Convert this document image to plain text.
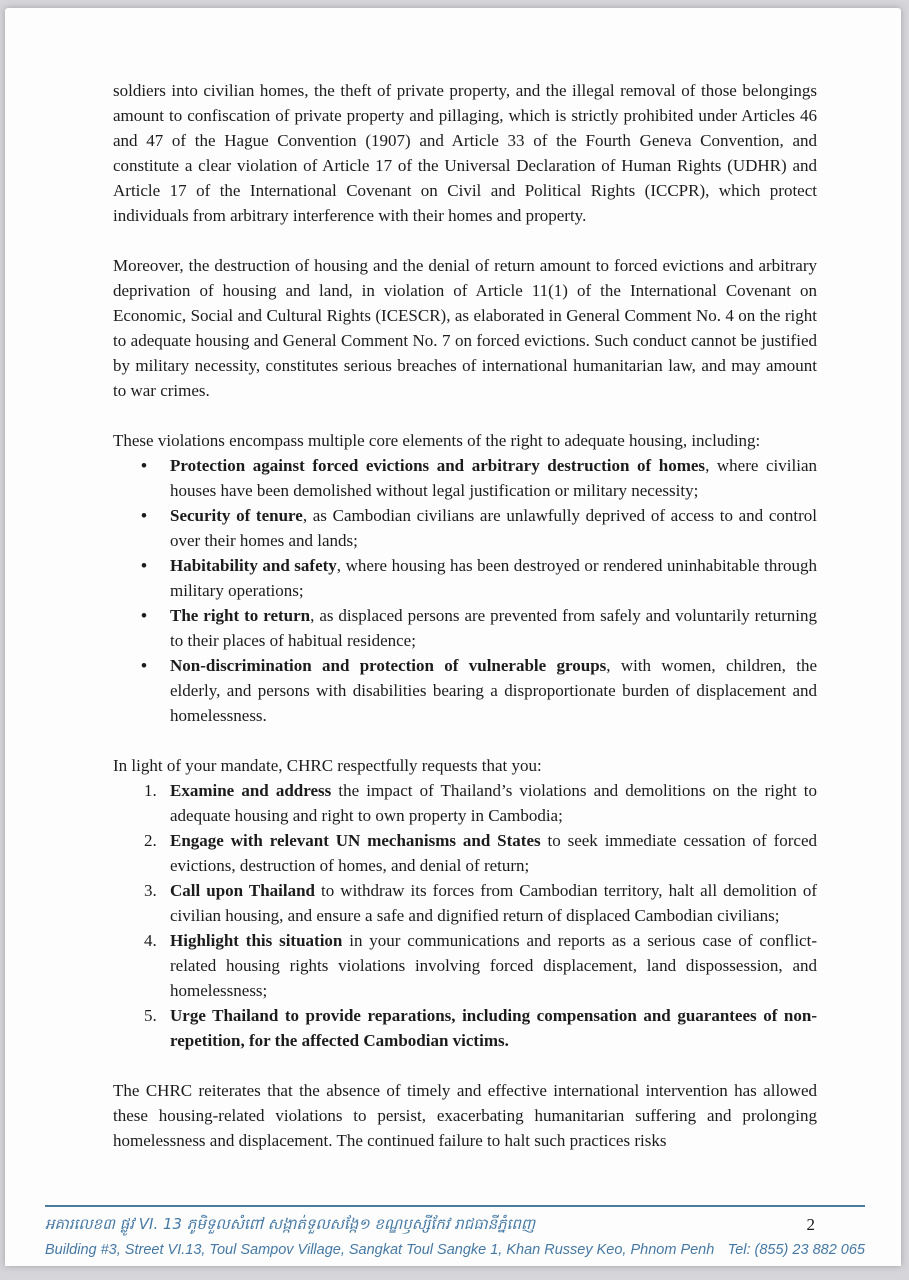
soldiers into civilian homes, the theft of private property, and the illegal removal of those belongings amount to confiscation of private property and pillaging, which is strictly prohibited under Articles 46 and 47 of the Hague Convention (1907) and Article 33 of the Fourth Geneva Convention, and constitute a clear violation of Article 17 of the Universal Declaration of Human Rights (UDHR) and Article 17 of the International Covenant on Civil and Political Rights (ICCPR), which protect individuals from arbitrary interference with their homes and property.

Moreover, the destruction of housing and the denial of return amount to forced evictions and arbitrary deprivation of housing and land, in violation of Article 11(1) of the International Covenant on Economic, Social and Cultural Rights (ICESCR), as elaborated in General Comment No. 4 on the right to adequate housing and General Comment No. 7 on forced evictions. Such conduct cannot be justified by military necessity, constitutes serious breaches of international humanitarian law, and may amount to war crimes.

These violations encompass multiple core elements of the right to adequate housing, including:

• Protection against forced evictions and arbitrary destruction of homes, where civilian houses have been demolished without legal justification or military necessity;
• Security of tenure, as Cambodian civilians are unlawfully deprived of access to and control over their homes and lands;
• Habitability and safety, where housing has been destroyed or rendered uninhabitable through military operations;
• The right to return, as displaced persons are prevented from safely and voluntarily returning to their places of habitual residence;
• Non-discrimination and protection of vulnerable groups, with women, children, the elderly, and persons with disabilities bearing a disproportionate burden of displacement and homelessness.

In light of your mandate, CHRC respectfully requests that you:

1. Examine and address the impact of Thailand’s violations and demolitions on the right to adequate housing and right to own property in Cambodia;
2. Engage with relevant UN mechanisms and States to seek immediate cessation of forced evictions, destruction of homes, and denial of return;
3. Call upon Thailand to withdraw its forces from Cambodian territory, halt all demolition of civilian housing, and ensure a safe and dignified return of displaced Cambodian civilians;
4. Highlight this situation in your communications and reports as a serious case of conflict-related housing rights violations involving forced displacement, land dispossession, and homelessness;
5. Urge Thailand to provide reparations, including compensation and guarantees of non-repetition, for the affected Cambodian victims.

The CHRC reiterates that the absence of timely and effective international intervention has allowed these housing-related violations to persist, exacerbating humanitarian suffering and prolonging homelessness and displacement. The continued failure to halt such practices risks

អគារលេខ៣ ផ្លូវ VI. 13 ភូមិទួលសំពៅ សង្កាត់ទួលសង្កែ១ ខណ្ឌឫស្សីកែវ រាជធានីភ្នំពេញ	2
Building #3, Street VI.13, Toul Sampov Village, Sangkat Toul Sangke 1, Khan Russey Keo, Phnom Penh Tel: (855) 23 882 065
